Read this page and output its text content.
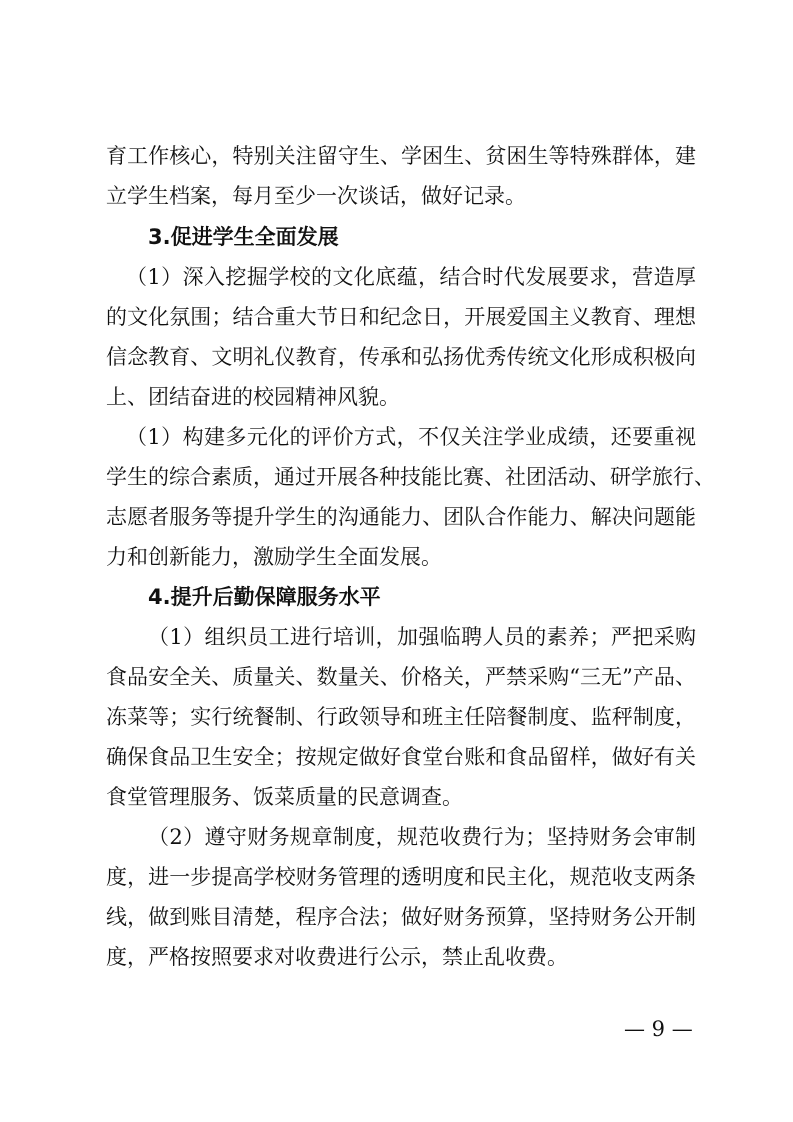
育工作核心，特别关注留守生、学困生、贫困生等特殊群体，建
立学生档案，每月至少一次谈话，做好记录。
3.促进学生全面发展
（1）深入挖掘学校的文化底蕴，结合时代发展要求，营造厚
的文化氛围；结合重大节日和纪念日，开展爱国主义教育、理想
信念教育、文明礼仪教育，传承和弘扬优秀传统文化形成积极向
上、团结奋进的校园精神风貌。
（1）构建多元化的评价方式，不仅关注学业成绩，还要重视
学生的综合素质，通过开展各种技能比赛、社团活动、研学旅行、
志愿者服务等提升学生的沟通能力、团队合作能力、解决问题能
力和创新能力，激励学生全面发展。
4.提升后勤保障服务水平
（1）组织员工进行培训，加强临聘人员的素养；严把采购
食品安全关、质量关、数量关、价格关，严禁采购“三无”产品、
冻菜等；实行统餐制、行政领导和班主任陪餐制度、监秤制度，
确保食品卫生安全；按规定做好食堂台账和食品留样，做好有关
食堂管理服务、饭菜质量的民意调查。
（2）遵守财务规章制度，规范收费行为；坚持财务会审制
度，进一步提高学校财务管理的透明度和民主化，规范收支两条
线，做到账目清楚，程序合法；做好财务预算，坚持财务公开制
度，严格按照要求对收费进行公示，禁止乱收费。
— 9 —
